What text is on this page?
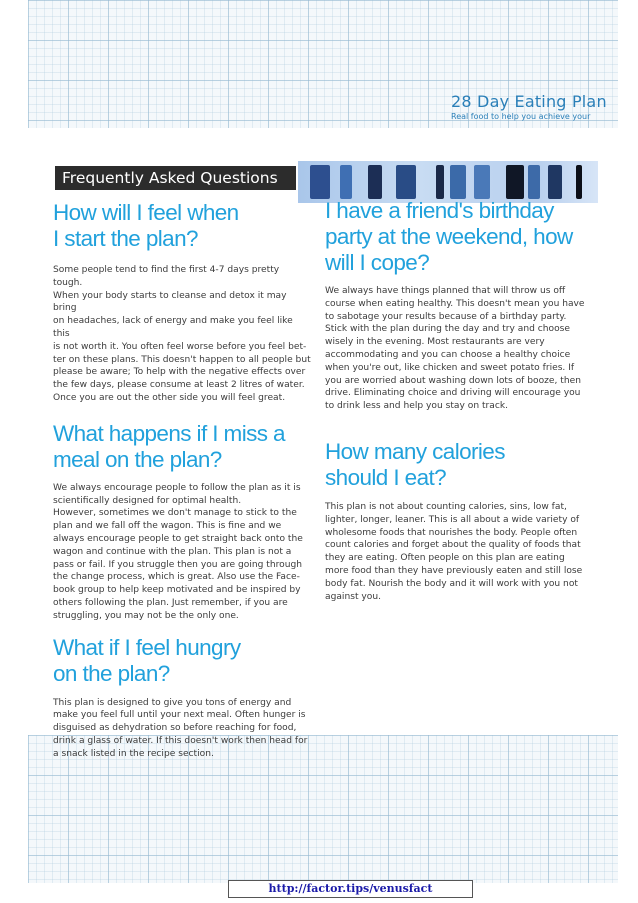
28 Day Eating Plan
Real food to help you achieve your
Frequently Asked Questions
How will I feel when
I start the plan?

Some people tend to find the first 4-7 days pretty tough.
When your body starts to cleanse and detox it may bring
on headaches, lack of energy and make you feel like this
is not worth it. You often feel worse before you feel bet-
ter on these plans. This doesn't happen to all people but
please be aware; To help with the negative effects over
the few days, please consume at least 2 litres of water.
Once you are out the other side you will feel great.

What happens if I miss a
meal on the plan?

We always encourage people to follow the plan as it is
scientifically designed for optimal health.
However, sometimes we don't manage to stick to the
plan and we fall off the wagon. This is fine and we
always encourage people to get straight back onto the
wagon and continue with the plan. This plan is not a
pass or fail. If you struggle then you are going through
the change process, which is great. Also use the Face-
book group to help keep motivated and be inspired by
others following the plan. Just remember, if you are
struggling, you may not be the only one.

What if I feel hungry
on the plan?

This plan is designed to give you tons of energy and
make you feel full until your next meal. Often hunger is
disguised as dehydration so before reaching for food,
drink a glass of water. If this doesn't work then head for
a snack listed in the recipe section.

I have a friend's birthday
party at the weekend, how
will I cope?

We always have things planned that will throw us off
course when eating healthy. This doesn't mean you have
to sabotage your results because of a birthday party.
Stick with the plan during the day and try and choose
wisely in the evening. Most restaurants are very
accommodating and you can choose a healthy choice
when you're out, like chicken and sweet potato fries. If
you are worried about washing down lots of booze, then
drive. Eliminating choice and driving will encourage you
to drink less and help you stay on track.

How many calories
should I eat?

This plan is not about counting calories, sins, low fat,
lighter, longer, leaner. This is all about a wide variety of
wholesome foods that nourishes the body. People often
count calories and forget about the quality of foods that
they are eating. Often people on this plan are eating
more food than they have previously eaten and still lose
body fat. Nourish the body and it will work with you not
against you.

http://factor.tips/venusfact
